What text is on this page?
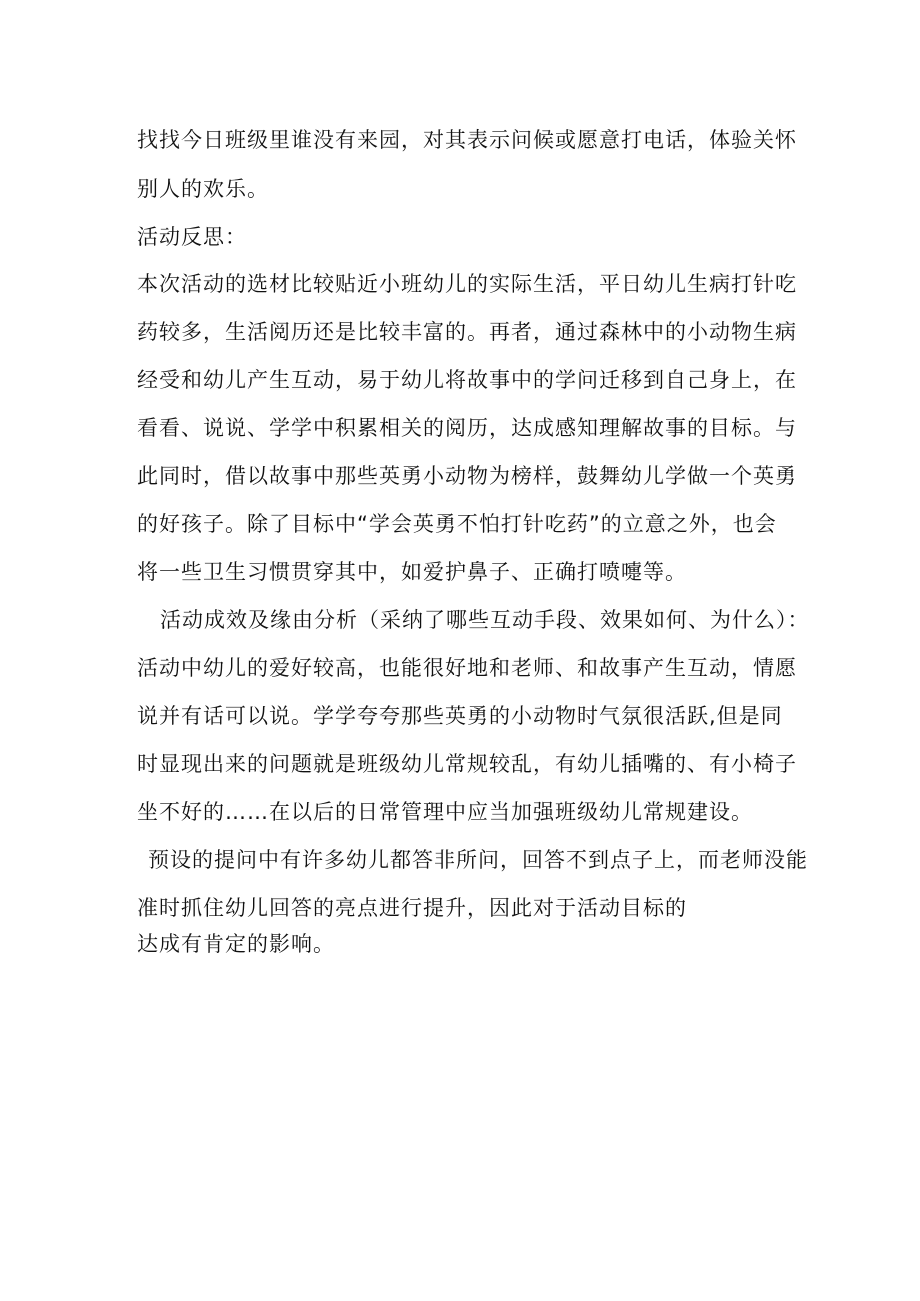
找找今日班级里谁没有来园，对其表示问候或愿意打电话，体验关怀
别人的欢乐。
活动反思：
本次活动的选材比较贴近小班幼儿的实际生活，平日幼儿生病打针吃
药较多，生活阅历还是比较丰富的。再者，通过森林中的小动物生病
经受和幼儿产生互动，易于幼儿将故事中的学问迁移到自己身上，在
看看、说说、学学中积累相关的阅历，达成感知理解故事的目标。与
此同时，借以故事中那些英勇小动物为榜样，鼓舞幼儿学做一个英勇
的好孩子。除了目标中“学会英勇不怕打针吃药”的立意之外，也会
将一些卫生习惯贯穿其中，如爱护鼻子、正确打喷嚏等。
活动成效及缘由分析（采纳了哪些互动手段、效果如何、为什么）：
活动中幼儿的爱好较高，也能很好地和老师、和故事产生互动，情愿
说并有话可以说。学学夸夸那些英勇的小动物时气氛很活跃,但是同
时显现出来的问题就是班级幼儿常规较乱，有幼儿插嘴的、有小椅子
坐不好的……在以后的日常管理中应当加强班级幼儿常规建设。
预设的提问中有许多幼儿都答非所问，回答不到点子上，而老师没能
准时抓住幼儿回答的亮点进行提升，因此对于活动目标的
达成有肯定的影响。
